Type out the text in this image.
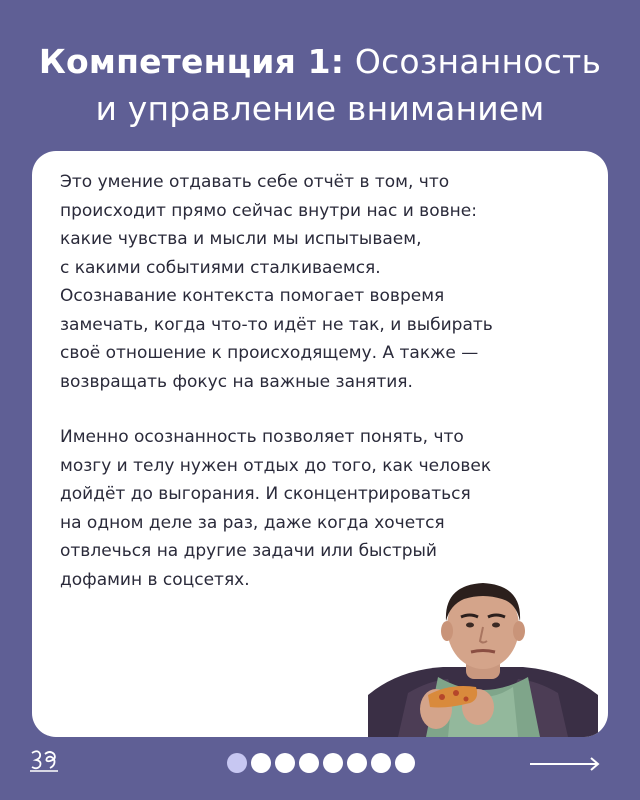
Компетенция 1: Осознанность
и управление вниманием

Это умение отдавать себе отчёт в том, что
происходит прямо сейчас внутри нас и вовне:
какие чувства и мысли мы испытываем,
с какими событиями сталкиваемся.
Осознавание контекста помогает вовремя
замечать, когда что-то идёт не так, и выбирать
своё отношение к происходящему. А также —
возвращать фокус на важные занятия.

Именно осознанность позволяет понять, что
мозгу и телу нужен отдых до того, как человек
дойдёт до выгорания. И сконцентрироваться
на одном деле за раз, даже когда хочется
отвлечься на другие задачи или быстрый
дофамин в соцсетях.
